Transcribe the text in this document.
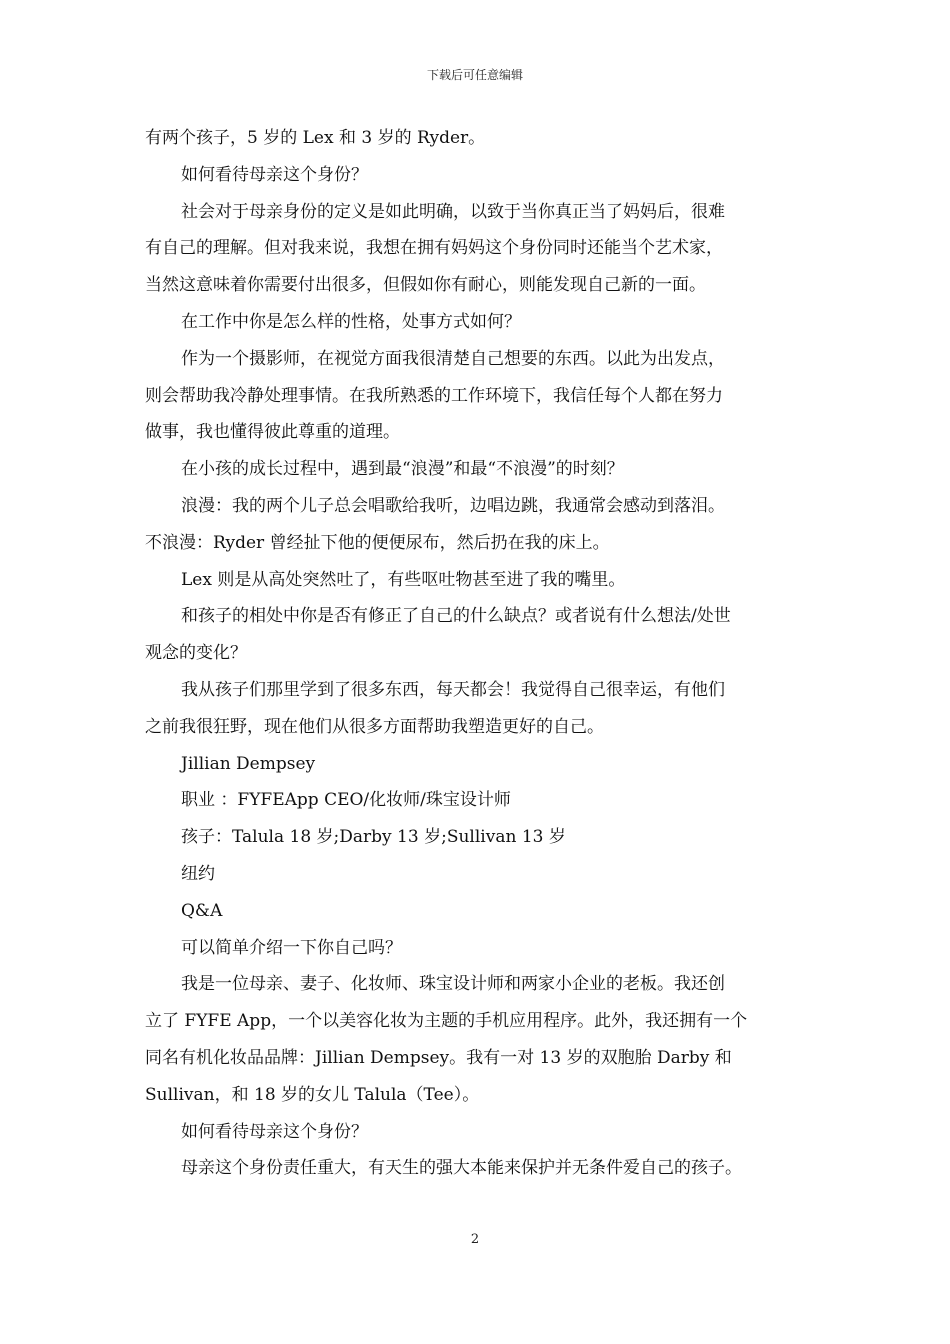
下载后可任意编辑

有两个孩子，5 岁的 Lex 和 3 岁的 Ryder。

如何看待母亲这个身份？

社会对于母亲身份的定义是如此明确，以致于当你真正当了妈妈后，很难

有自己的理解。但对我来说，我想在拥有妈妈这个身份同时还能当个艺术家，

当然这意味着你需要付出很多，但假如你有耐心，则能发现自己新的一面。

在工作中你是怎么样的性格，处事方式如何？

作为一个摄影师，在视觉方面我很清楚自己想要的东西。以此为出发点，

则会帮助我冷静处理事情。在我所熟悉的工作环境下，我信任每个人都在努力

做事，我也懂得彼此尊重的道理。

在小孩的成长过程中，遇到最“浪漫”和最“不浪漫”的时刻？

浪漫：我的两个儿子总会唱歌给我听，边唱边跳，我通常会感动到落泪。

不浪漫：Ryder 曾经扯下他的便便尿布，然后扔在我的床上。

Lex 则是从高处突然吐了，有些呕吐物甚至进了我的嘴里。

和孩子的相处中你是否有修正了自己的什么缺点？或者说有什么想法/处世

观念的变化？

我从孩子们那里学到了很多东西，每天都会！我觉得自己很幸运，有他们

之前我很狂野，现在他们从很多方面帮助我塑造更好的自己。

Jillian Dempsey

职业 ：FYFEApp CEO/化妆师/珠宝设计师

孩子：Talula 18 岁;Darby 13 岁;Sullivan 13 岁

纽约

Q&A

可以简单介绍一下你自己吗？

我是一位母亲、妻子、化妆师、珠宝设计师和两家小企业的老板。我还创

立了 FYFE App，一个以美容化妆为主题的手机应用程序。此外，我还拥有一个

同名有机化妆品品牌：Jillian Dempsey。我有一对 13 岁的双胞胎 Darby 和

Sullivan，和 18 岁的女儿 Talula（Tee）。

如何看待母亲这个身份？

母亲这个身份责任重大，有天生的强大本能来保护并无条件爱自己的孩子。

2
